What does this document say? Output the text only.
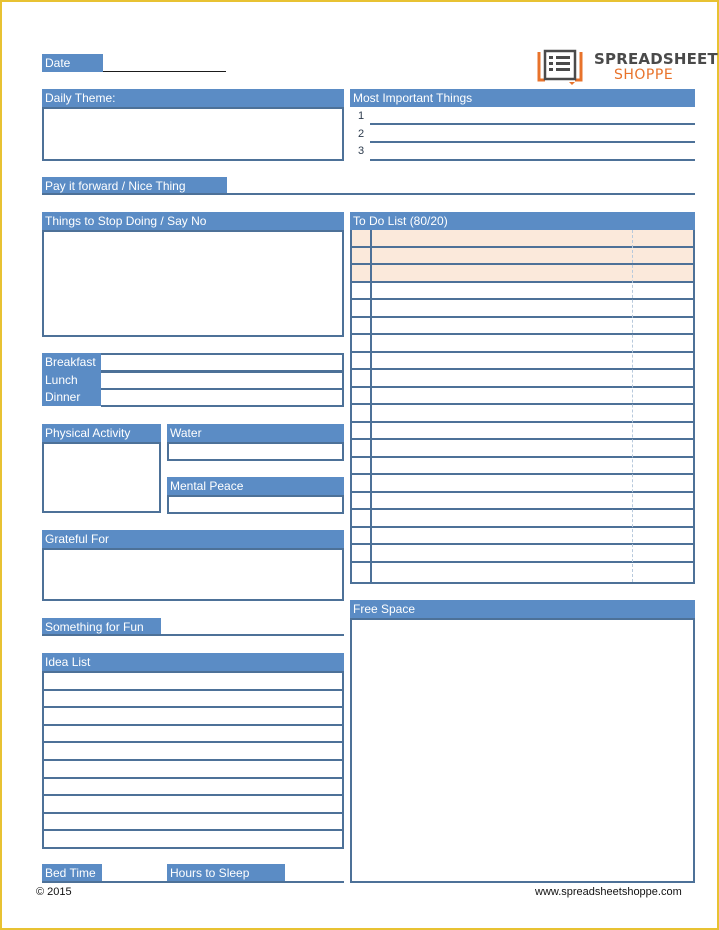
Date	SPREADSHEET
SHOPPE
Daily Theme:	Most Important Things
1
2
3
Pay it forward / Nice Thing
Things to Stop Doing / Say No
Breakfast
Lunch
Dinner
Physical Activity	Water
Mental Peace
Grateful For
Something for Fun
Idea List
Bed Time	Hours to Sleep
To Do List (80/20)
Free Space
© 2015	www.spreadsheetshoppe.com
